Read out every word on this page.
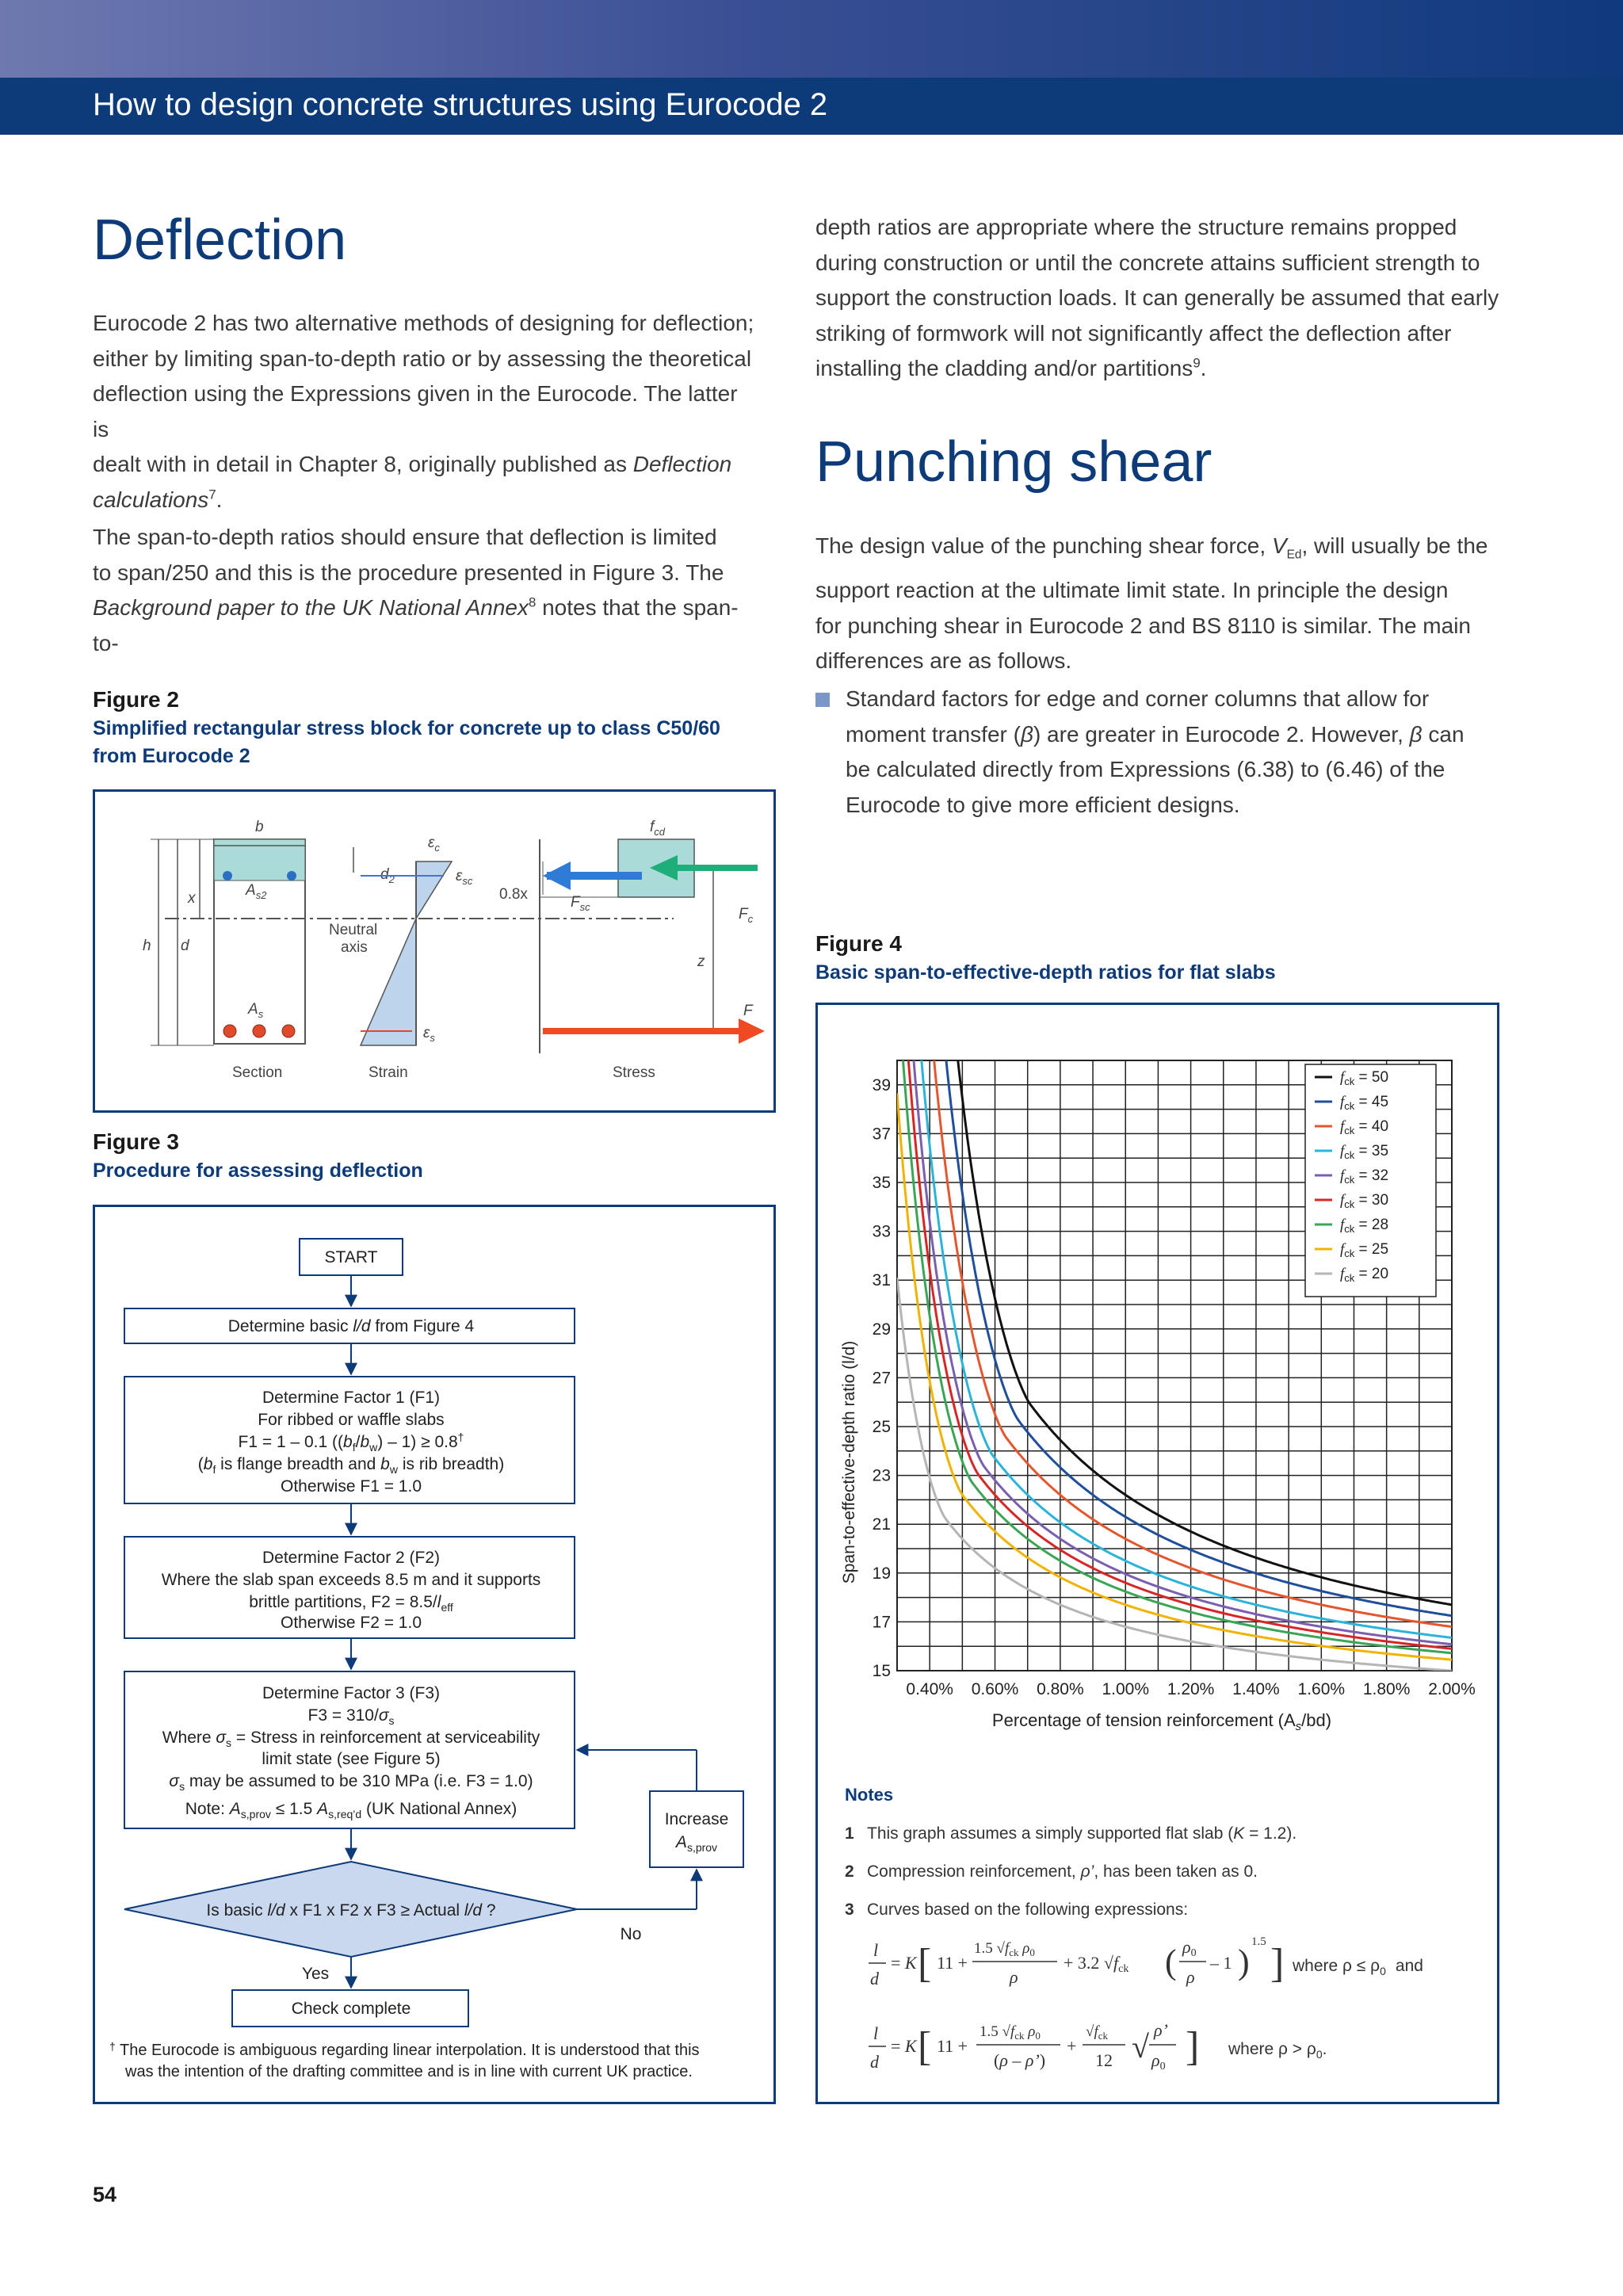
How to design concrete structures using Eurocode 2
Deflection
Eurocode 2 has two alternative methods of designing for deflection;
either by limiting span-to-depth ratio or by assessing the theoretical
deflection using the Expressions given in the Eurocode. The latter is
dealt with in detail in Chapter 8, originally published as Deflection
calculations$^7$.
The span-to-depth ratios should ensure that deflection is limited
to span/250 and this is the procedure presented in Figure 3. The
Background paper to the UK National Annex$^8$ notes that the span-to-
Figure 2
Simplified rectangular stress block for concrete up to class C50/60
from Eurocode 2
b
h d
x	$A_{s2}$
$A_s$
Neutral
axis
$d_2$
$\varepsilon_c$
$\varepsilon_{sc}$
$\varepsilon_s$
0.8x
$f_{cd}$
$F_{sc}$	$F_c$
z
F
Section	Strain	Stress
Figure 3
Procedure for assessing deflection
START
Determine basic l/d from Figure 4
Determine Factor 1 (F1)
For ribbed or waffle slabs
F1 = 1 – 0.1 $((b_f/b_w) - 1) \ge 0.8^\dagger$
($b_f$ is flange breadth and $b_w$ is rib breadth)
Otherwise F1 = 1.0
Determine Factor 2 (F2)
Where the slab span exceeds 8.5 m and it supports
brittle partitions, $F2 = 8.5/l_{eff}$
Otherwise F2 = 1.0
Determine Factor 3 (F3)
$F3 = 310/\sigma_s$
Where $\sigma_s$ = Stress in reinforcement at serviceability
limit state (see Figure 5)
$\sigma_s$ may be assumed to be 310 MPa (i.e. F3 = 1.0)
Note: $A_{s,prov} \le 1.5$ $A_{s,req’d}$ (UK National Annex)
Increase
$A_{s,prov}$
Is basic l/d x F1 x F2 x F3 ≥ Actual l/d ?
No
Yes
Check complete
† The Eurocode is ambiguous regarding linear interpolation. It is understood that this
was the intention of the drafting committee and is in line with current UK practice.
depth ratios are appropriate where the structure remains propped
during construction or until the concrete attains sufficient strength to
support the construction loads. It can generally be assumed that early
striking of formwork will not significantly affect the deflection after
installing the cladding and/or partitions$^9$.
Punching shear
The design value of the punching shear force, $V_{Ed}$, will usually be the
support reaction at the ultimate limit state. In principle the design
for punching shear in Eurocode 2 and BS 8110 is similar. The main
differences are as follows.
Standard factors for edge and corner columns that allow for
moment transfer (β) are greater in Eurocode 2. However, β can
be calculated directly from Expressions (6.38) to (6.46) of the
Eurocode to give more efficient designs.
Figure 4
Basic span-to-effective-depth ratios for flat slabs
15
17
19
21
23
25
27
29
31
33
35
37
39
0.40% 0.60% 0.80% 1.00% 1.20% 1.40% 1.60% 1.80% 2.00%
$f_{ck} = 50$
$f_{ck} = 45$
$f_{ck} = 40$
$f_{ck} = 35$
$f_{ck} = 32$
$f_{ck} = 30$
$f_{ck} = 28$
$f_{ck} = 25$
$f_{ck} = 20$
Percentage of tension reinforcement $(A_s/bd)$
Span-to-effective-depth ratio (l/d)
Notes
1 This graph assumes a simply supported flat slab (K = 1.2).
2 Compression reinforcement, ρ’, has been taken as 0.
3 Curves based on the following expressions:
l
d
= K [ 11 +
1.5 $√f_{ck}$ $\rho_0$
ρ
+ 3.2 √fck ( ρ0
ρ
– 1 )
1.5 ] where $\rho \le \rho_0$ and
l
d
= K [ 11 +
1.5 $√f_{ck}$ $\rho_0$
(ρ – ρ’)
+
$√f_{ck}$
12 √ ρ’
ρ0 ] where $\rho > \rho_0$.
54
